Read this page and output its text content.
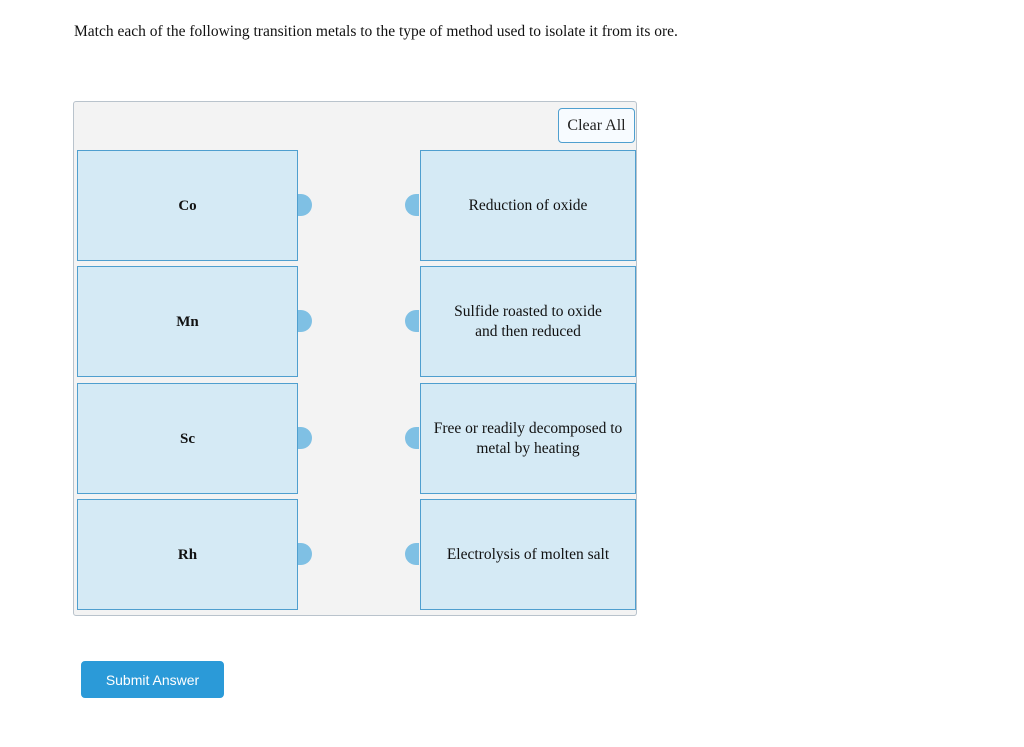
Match each of the following transition metals to the type of method used to isolate it from its ore.

Clear All
Co
Mn
Sc
Rh
Reduction of oxide
Sulfide roasted to oxide and then reduced
Free or readily decomposed to metal by heating
Electrolysis of molten salt
Submit Answer
